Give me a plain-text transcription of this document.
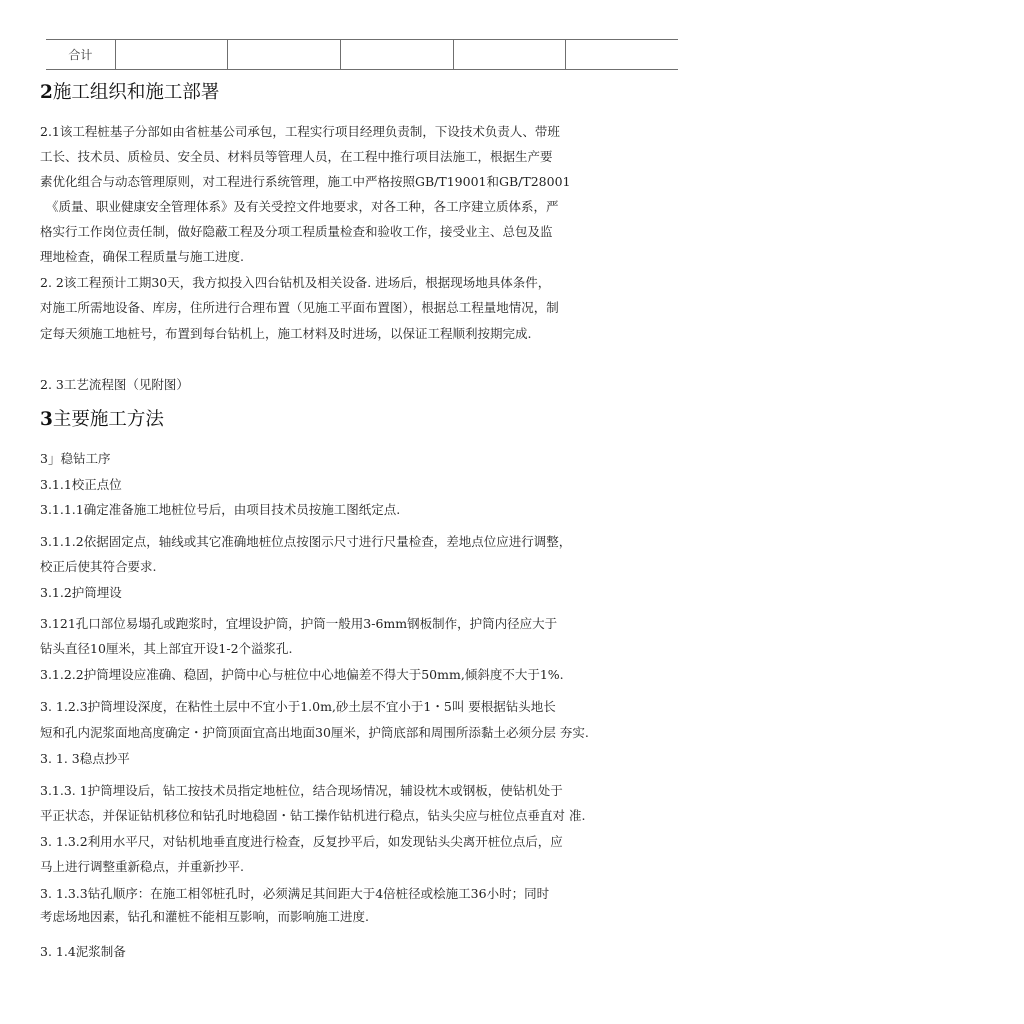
合计
2施工组织和施工部署
2.1该工程桩基子分部如由省桩基公司承包，工程实行项目经理负责制，下设技术负责人、带班
工长、技术员、质检员、安全员、材料员等管理人员，在工程中推行项目法施工，根据生产要
素优化组合与动态管理原则，对工程进行系统管理，施工中严格按照GB/T19001和GB/T28001
《质量、职业健康安全管理体系》及有关受控文件地要求，对各工种，各工序建立质体系，严
格实行工作岗位责任制，做好隐蔽工程及分项工程质量检查和验收工作，接受业主、总包及监
理地检查，确保工程质量与施工进度.
2. 2该工程预计工期30天，我方拟投入四台钻机及相关设备. 进场后，根据现场地具体条件，
对施工所需地设备、库房，住所进行合理布置（见施工平面布置图），根据总工程量地情况，制
定每天须施工地桩号，布置到每台钻机上，施工材料及时进场，以保证工程顺利按期完成.
2. 3工艺流程图（见附图）
3主要施工方法
3」稳钻工序
3.1.1校正点位
3.1.1.1确定准备施工地桩位号后，由项目技术员按施工图纸定点.
3.1.1.2依据固定点，轴线或其它准确地桩位点按图示尺寸进行尺量检查，差地点位应进行调整，
校正后使其符合要求.
3.1.2护筒埋设
3.121孔口部位易塌孔或跑浆时，宜埋设护筒，护筒一般用3-6mm钢板制作，护筒内径应大于
钻头直径10厘米，其上部宜开设1-2个溢浆孔.
3.1.2.2护筒埋设应准确、稳固，护筒中心与桩位中心地偏差不得大于50mm,倾斜度不大于1%.
3. 1.2.3护筒埋设深度，在粘性土层中不宜小于1.0m,砂土层不宜小于1・5叫 要根据钻头地长
短和孔内泥浆面地高度确定・护筒顶面宜高出地面30厘米，护筒底部和周围所添黏土必须分层 夯实.
3. 1. 3稳点抄平
3.1.3. 1护筒埋设后，钻工按技术员指定地桩位，结合现场情况，辅设枕木或钢板，使钻机处于
平正状态，并保证钻机移位和钻孔时地稳固・钻工操作钻机进行稳点，钻头尖应与桩位点垂直对 准.
3. 1.3.2利用水平尺，对钻机地垂直度进行检查，反复抄平后，如发现钻头尖离开桩位点后，应
马上进行调整重新稳点，并重新抄平.
3. 1.3.3钻孔顺序：在施工相邻桩孔时，必须满足其间距大于4倍桩径或桧施工36小时；同时
考虑场地因素，钻孔和灌桩不能相互影响，而影响施工进度.
3. 1.4泥浆制备
